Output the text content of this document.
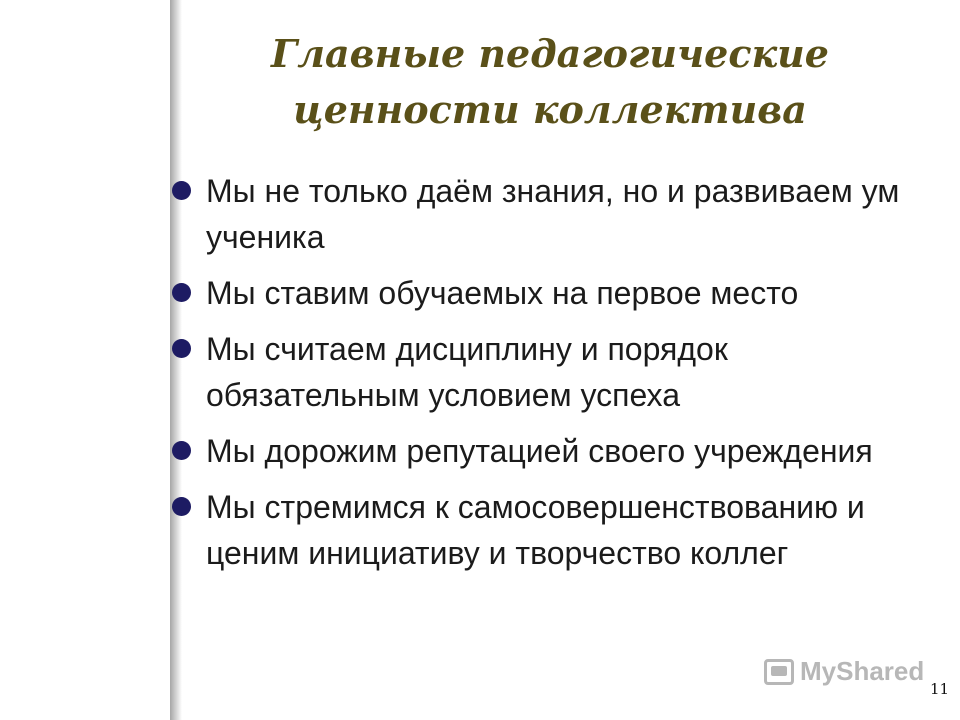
Главные педагогические ценности коллектива
Мы не только даём знания, но и развиваем ум ученика
Мы ставим обучаемых на первое место
Мы считаем дисциплину и порядок обязательным условием успеха
Мы дорожим репутацией своего учреждения
Мы стремимся к самосовершенствованию и ценим инициативу и творчество коллег
MyShared
11
